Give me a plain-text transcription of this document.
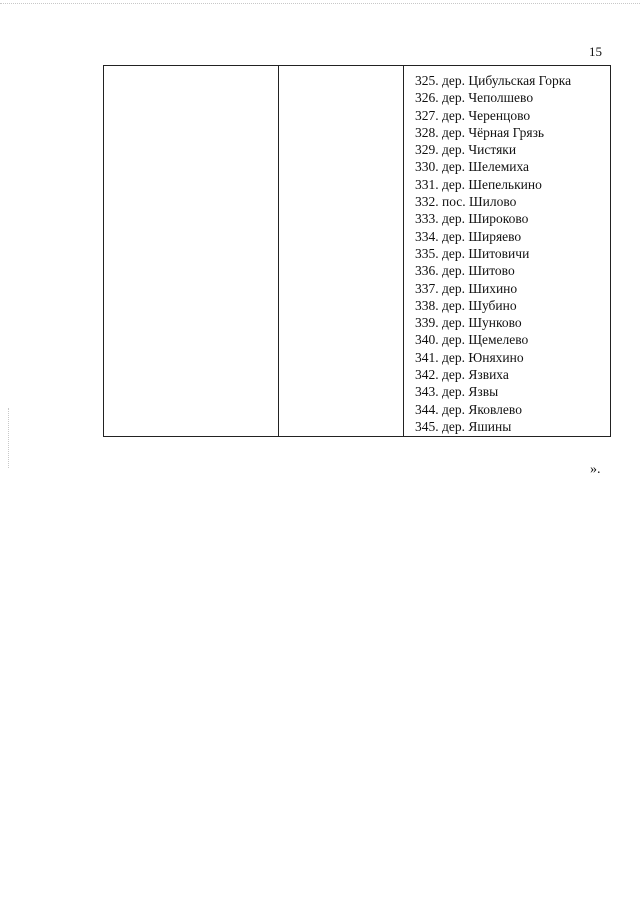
15
325. дер. Цибульская Горка
326. дер. Чеполшево
327. дер. Черенцово
328. дер. Чёрная Грязь
329. дер. Чистяки
330. дер. Шелемиха
331. дер. Шепелькино
332. пос. Шилово
333. дер. Широково
334. дер. Ширяево
335. дер. Шитовичи
336. дер. Шитово
337. дер. Шихино
338. дер. Шубино
339. дер. Шунково
340. дер. Щемелево
341. дер. Юняхино
342. дер. Язвиха
343. дер. Язвы
344. дер. Яковлево
345. дер. Яшины
».
